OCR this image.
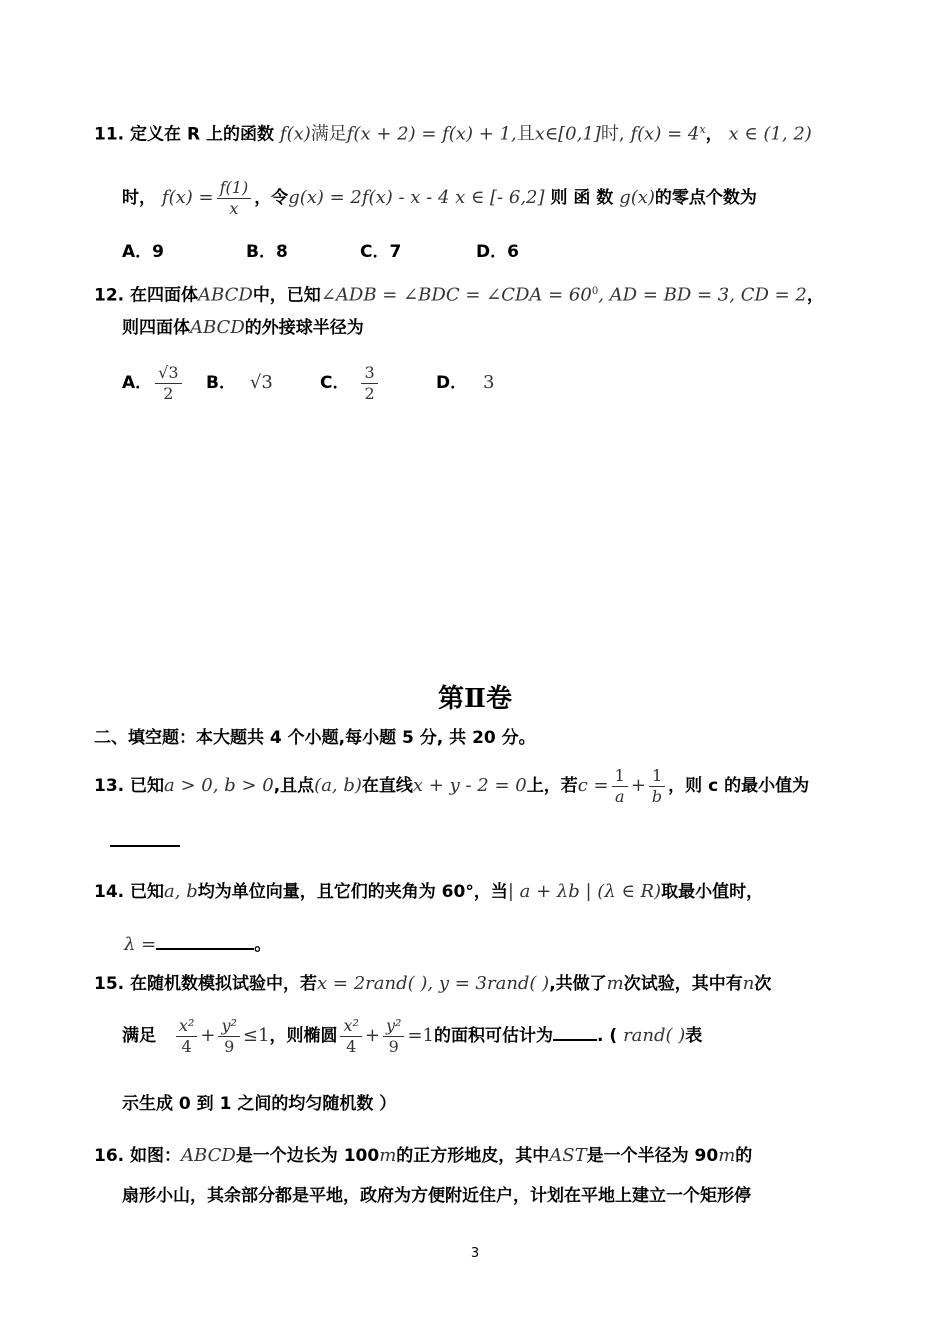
11. 定义在 R 上的函数 f(x)满足f(x + 2) = f(x) + 1,且x∈[0,1]时, $f(x) = 4^x$， x ∈ (1, 2)
时， $f(x) = \frac{f(1)}{x}$ ，令g(x) = 2f(x) - x - 4 x ∈ [- 6,2] 则 函 数 g(x)的零点个数为
A．9	B．8	C．7	D．6
12. 在四面体ABCD中，已知∠ADB = ∠BDC = ∠CDA = $60^0$, AD = BD = 3, CD = 2，
则四面体ABCD的外接球半径为
A． $\frac{√3}{2}$ B． √3	C． $\frac{3}{2}$	D． 3
第Ⅱ卷
二、填空题：本大题共 4 个小题,每小题 5 分, 共 20 分。
13. 已知a > 0, b > 0,且点(a, b)在直线x + y - 2 = 0上，若$c = \frac{1}{a} + \frac{1}{b}$ ，则 c 的最小值为
14. 已知a, b均为单位向量，且它们的夹角为 60°，当| a + λb | (λ ∈ R)取最小值时，
λ =	。
15. 在随机数模拟试验中，若x = 2rand( ), y = 3rand( ),共做了m次试验，其中有n次
满足 $\frac{\text{x²}}{4} + \frac{\text{y²}}{9} \le 1$，则椭圆 $\frac{\text{x²}}{4} + \frac{\text{y²}}{9} =1$的面积可估计为	. ( rand( )表
示生成 0 到 1 之间的均匀随机数 ）
16. 如图：ABCD是一个边长为 100m的正方形地皮，其中AST是一个半径为 90m的
扇形小山，其余部分都是平地，政府为方便附近住户，计划在平地上建立一个矩形停
3
